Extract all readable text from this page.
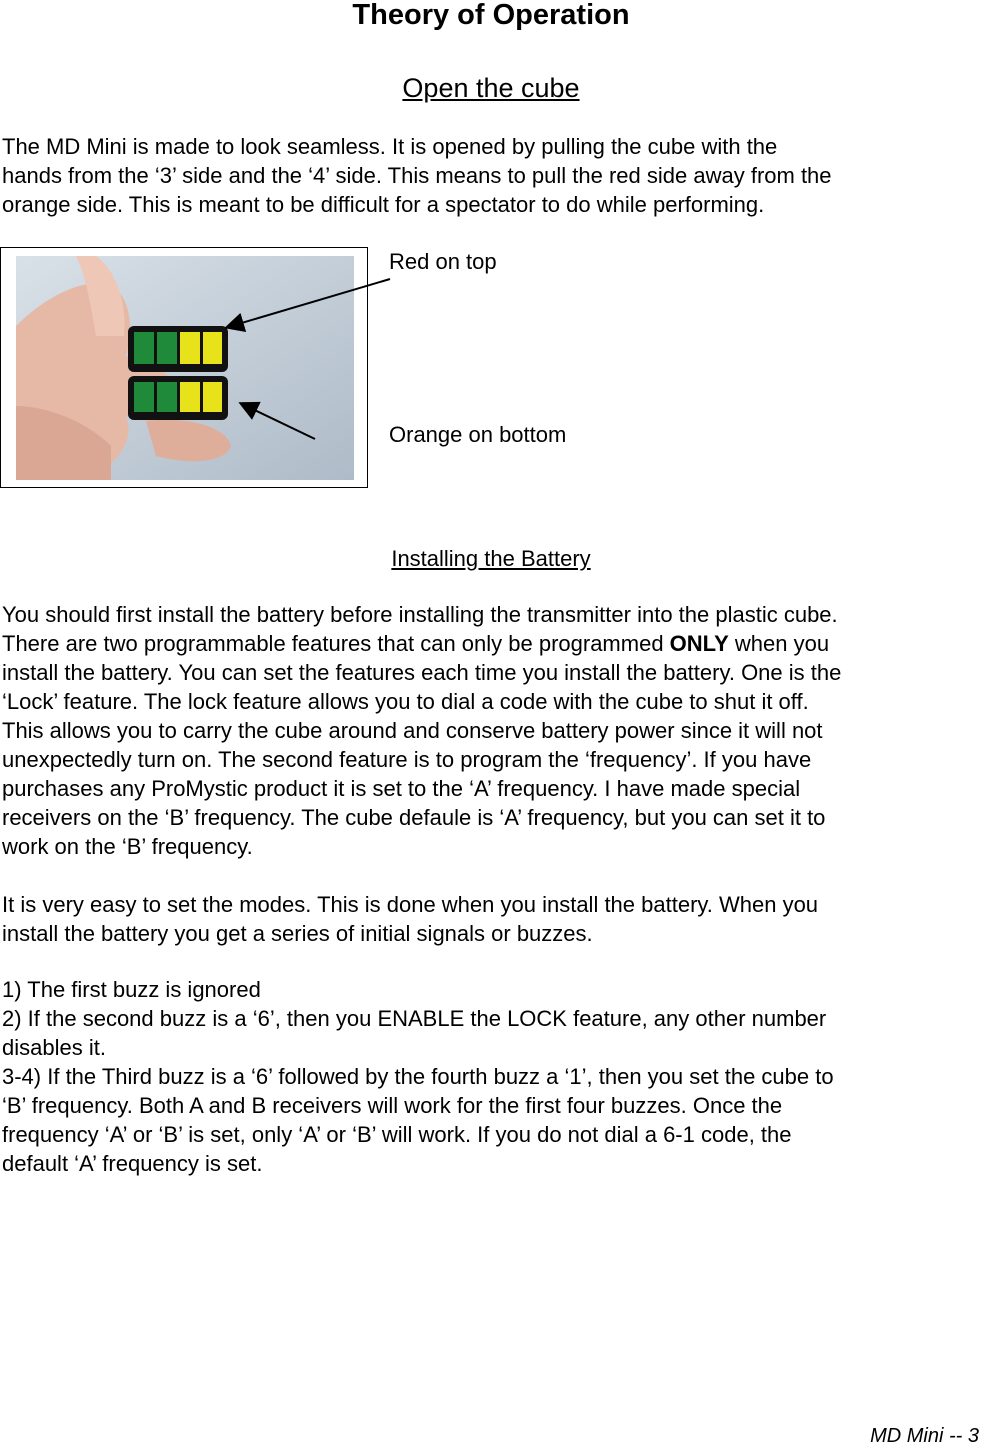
Theory of Operation
Open the cube

The MD Mini is made to look seamless. It is opened by pulling the cube with the
hands from the ‘3’ side and the ‘4’ side. This means to pull the red side away from the
orange side. This is meant to be difficult for a spectator to do while performing.

Red on top
Orange on bottom
Installing the Battery

You should first install the battery before installing the transmitter into the plastic cube.
There are two programmable features that can only be programmed ONLY when you
install the battery. You can set the features each time you install the battery. One is the
‘Lock’ feature. The lock feature allows you to dial a code with the cube to shut it off.
This allows you to carry the cube around and conserve battery power since it will not
unexpectedly turn on. The second feature is to program the ‘frequency’. If you have
purchases any ProMystic product it is set to the ‘A’ frequency. I have made special
receivers on the ‘B’ frequency. The cube defaule is ‘A’ frequency, but you can set it to
work on the ‘B’ frequency.

It is very easy to set the modes. This is done when you install the battery. When you
install the battery you get a series of initial signals or buzzes.

1) The first buzz is ignored
2) If the second buzz is a ‘6’, then you ENABLE the LOCK feature, any other number
disables it.
3-4) If the Third buzz is a ‘6’ followed by the fourth buzz a ‘1’, then you set the cube to
‘B’ frequency. Both A and B receivers will work for the first four buzzes. Once the
frequency ‘A’ or ‘B’ is set, only ‘A’ or ‘B’ will work. If you do not dial a 6-1 code, the
default ‘A’ frequency is set.

MD Mini -- 3
